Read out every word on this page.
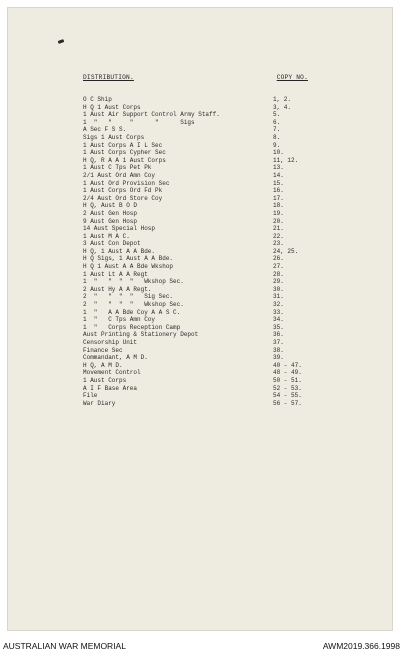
DISTRIBUTION.	COPY NO.
O C Ship	1, 2.
H Q 1 Aust Corps	3, 4.
1 Aust Air Support Control Army Staff.	5.
1  "   "     "      "      Sigs	6.
A Sec F S S.	7.
Sigs 1 Aust Corps	8.
1 Aust Corps A I L Sec	9.
1 Aust Corps Cypher Sec	10.
H Q, R A A 1 Aust Corps	11, 12.
1 Aust C Tps Pet Pk	13.
2/1 Aust Ord Amn Coy	14.
1 Aust Ord Provision Sec	15.
1 Aust Corps Ord Fd Pk	16.
2/4 Aust Ord Store Coy	17.
H Q, Aust B O D	18.
2 Aust Gen Hosp	19.
9 Aust Gen Hosp	20.
14 Aust Special Hosp	21.
1 Aust M A C.	22.
3 Aust Con Depot	23.
H Q, 1 Aust A A Bde.	24, 25.
H Q Sigs, 1 Aust A A Bde.	26.
H Q 1 Aust A A Bde Wkshop	27.
1 Aust Lt A A Regt	28.
1  "   "  "  "   Wkshop Sec.	29.
2 Aust Hy A A Regt.	30.
2  "   "  "  "   Sig Sec.	31.
2  "   "  "  "   Wkshop Sec.	32.
1  "   A A Bde Coy A A S C.	33.
1  "   C Tps Amn Coy	34.
1  "   Corps Reception Camp	35.
Aust Printing & Stationery Depot	36.
Censorship Unit	37.
Finance Sec	38.
Commandant, A M D.	39.
H Q, A M D.	40 - 47.
Movement Control	48 - 49.
1 Aust Corps	50 - 51.
A I F Base Area	52 - 53.
File	54 - 55.
War Diary	56 - 57.
AUSTRALIAN WAR MEMORIAL	AWM2019.366.1998
